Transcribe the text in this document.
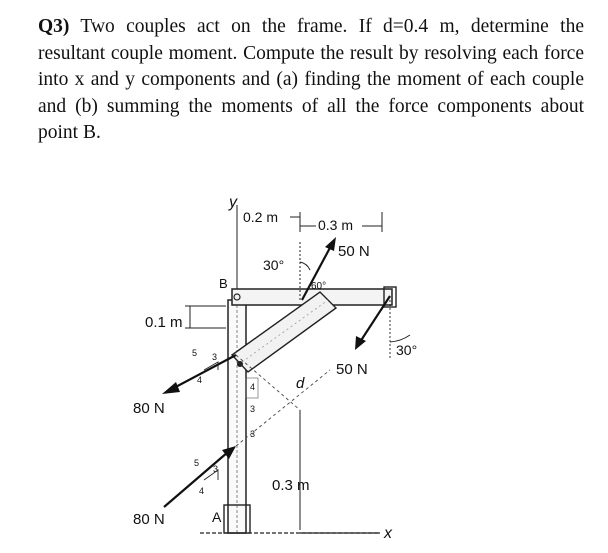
Q3) Two couples act on the frame. If d=0.4 m, determine the resultant couple moment. Compute the result by resolving each force into x and y components and (a) finding the moment of each couple and (b) summing the moments of all the force components about point B.
x
y
A
B
0.2 m	0.3 m
50 N
30°
60°
0.1 m
80 N
5 3
4
80 N
5
3
4
d
4
3
3
50 N
30°
0.3 m
